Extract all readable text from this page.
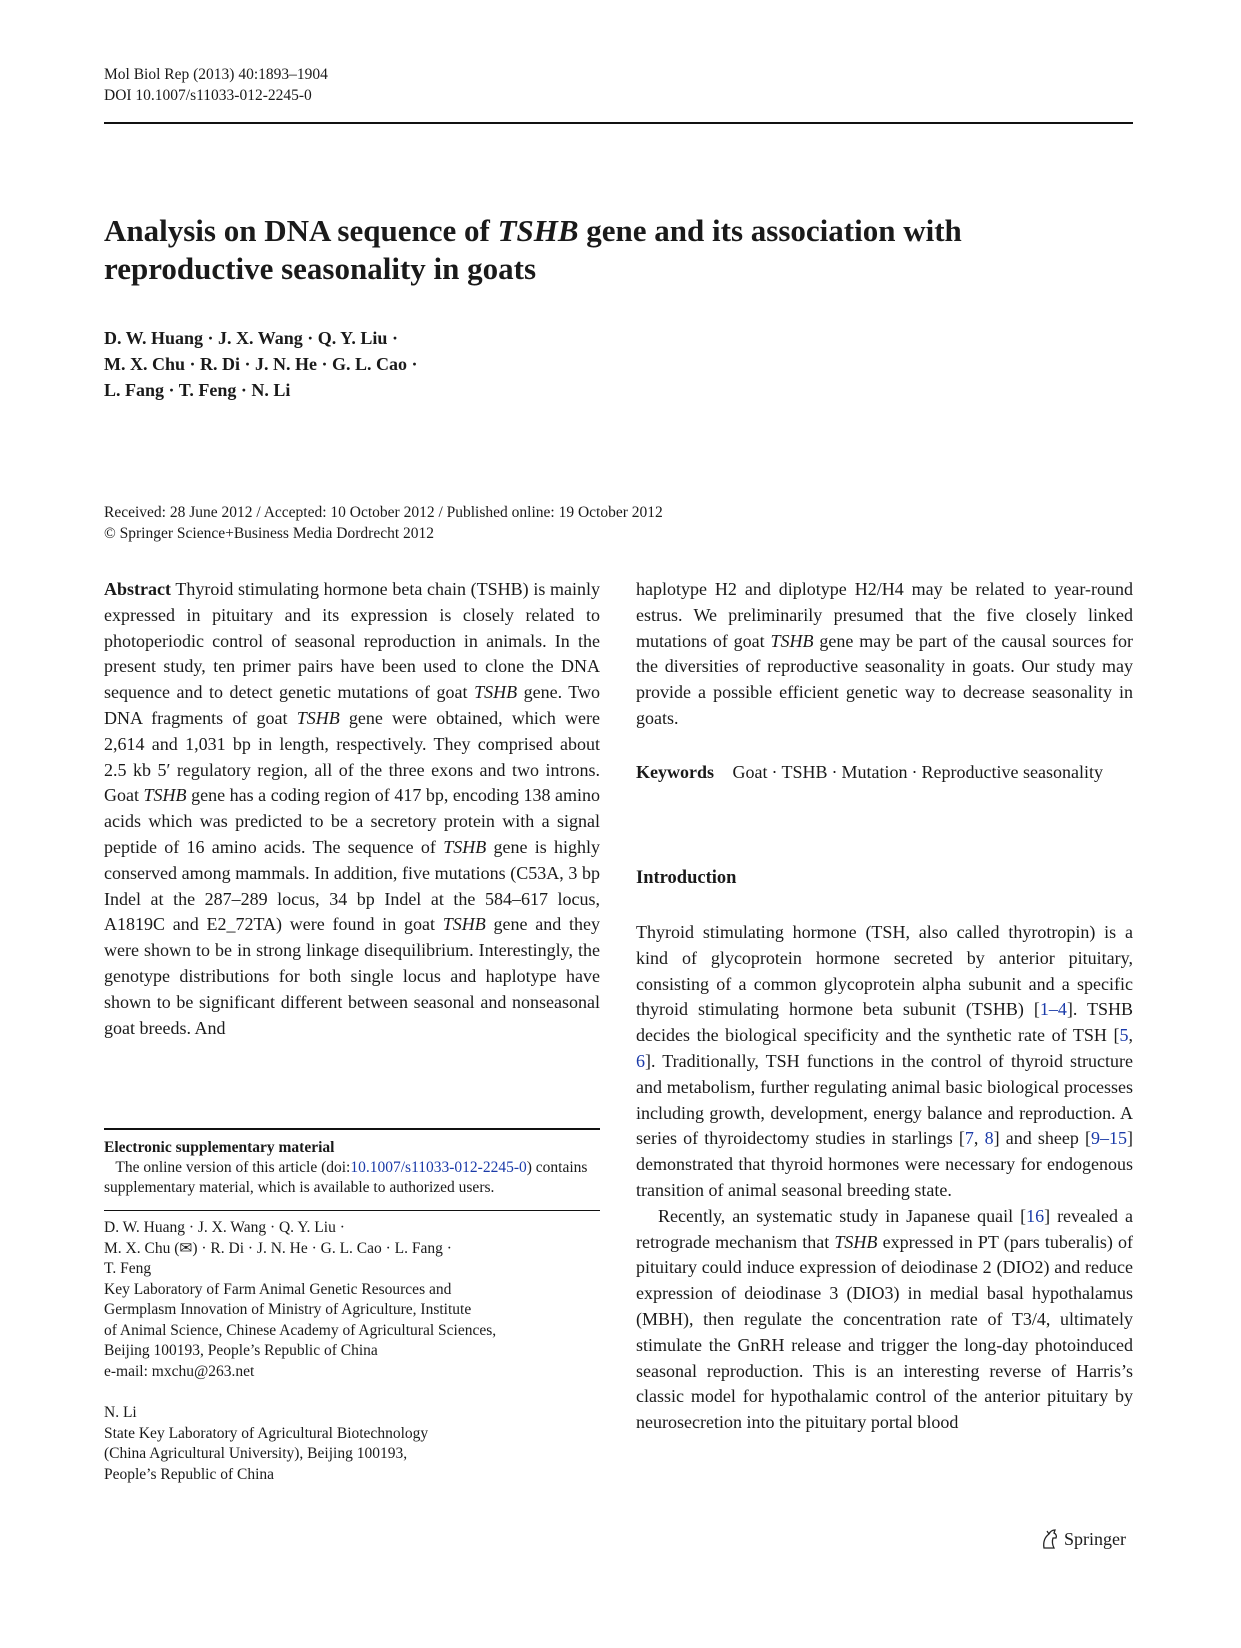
Mol Biol Rep (2013) 40:1893–1904
DOI 10.1007/s11033-012-2245-0
Analysis on DNA sequence of TSHB gene and its association with reproductive seasonality in goats
D. W. Huang · J. X. Wang · Q. Y. Liu ·
M. X. Chu · R. Di · J. N. He · G. L. Cao ·
L. Fang · T. Feng · N. Li
Received: 28 June 2012 / Accepted: 10 October 2012 / Published online: 19 October 2012
© Springer Science+Business Media Dordrecht 2012

Abstract Thyroid stimulating hormone beta chain (TSHB) is mainly expressed in pituitary and its expression is closely related to photoperiodic control of seasonal reproduction in animals. In the present study, ten primer pairs have been used to clone the DNA sequence and to detect genetic mutations of goat TSHB gene. Two DNA fragments of goat TSHB gene were obtained, which were 2,614 and 1,031 bp in length, respectively. They comprised about 2.5 kb 5′ regulatory region, all of the three exons and two introns. Goat TSHB gene has a coding region of 417 bp, encoding 138 amino acids which was predicted to be a secretory protein with a signal peptide of 16 amino acids. The sequence of TSHB gene is highly conserved among mammals. In addition, five mutations (C53A, 3 bp Indel at the 287–289 locus, 34 bp Indel at the 584–617 locus, A1819C and E2_72TA) were found in goat TSHB gene and they were shown to be in strong linkage disequilibrium. Interestingly, the genotype distributions for both single locus and haplotype have shown to be significant different between seasonal and nonseasonal goat breeds. And

haplotype H2 and diplotype H2/H4 may be related to year-round estrus. We preliminarily presumed that the five closely linked mutations of goat TSHB gene may be part of the causal sources for the diversities of reproductive seasonality in goats. Our study may provide a possible efficient genetic way to decrease seasonality in goats.

Keywords Goat · TSHB · Mutation · Reproductive seasonality
Introduction

Thyroid stimulating hormone (TSH, also called thyrotropin) is a kind of glycoprotein hormone secreted by anterior pituitary, consisting of a common glycoprotein alpha subunit and a specific thyroid stimulating hormone beta subunit (TSHB) [1–4]. TSHB decides the biological specificity and the synthetic rate of TSH [5, 6]. Traditionally, TSH functions in the control of thyroid structure and metabolism, further regulating animal basic biological processes including growth, development, energy balance and reproduction. A series of thyroidectomy studies in starlings [7, 8] and sheep [9–15] demonstrated that thyroid hormones were necessary for endogenous transition of animal seasonal breeding state.

Recently, an systematic study in Japanese quail [16] revealed a retrograde mechanism that TSHB expressed in PT (pars tuberalis) of pituitary could induce expression of deiodinase 2 (DIO2) and reduce expression of deiodinase 3 (DIO3) in medial basal hypothalamus (MBH), then regulate the concentration rate of T3/4, ultimately stimulate the GnRH release and trigger the long-day photoinduced seasonal reproduction. This is an interesting reverse of Harris’s classic model for hypothalamic control of the anterior pituitary by neurosecretion into the pituitary portal blood

Electronic supplementary material   The online version of this article (doi:10.1007/s11033-012-2245-0) contains supplementary material, which is available to authorized users.

D. W. Huang · J. X. Wang · Q. Y. Liu ·
M. X. Chu (✉) · R. Di · J. N. He · G. L. Cao · L. Fang ·
T. Feng

Key Laboratory of Farm Animal Genetic Resources and
Germplasm Innovation of Ministry of Agriculture, Institute
of Animal Science, Chinese Academy of Agricultural Sciences,
Beijing 100193, People’s Republic of China
e-mail: mxchu@263.net

N. Li

State Key Laboratory of Agricultural Biotechnology
(China Agricultural University), Beijing 100193,
People’s Republic of China

Springer
